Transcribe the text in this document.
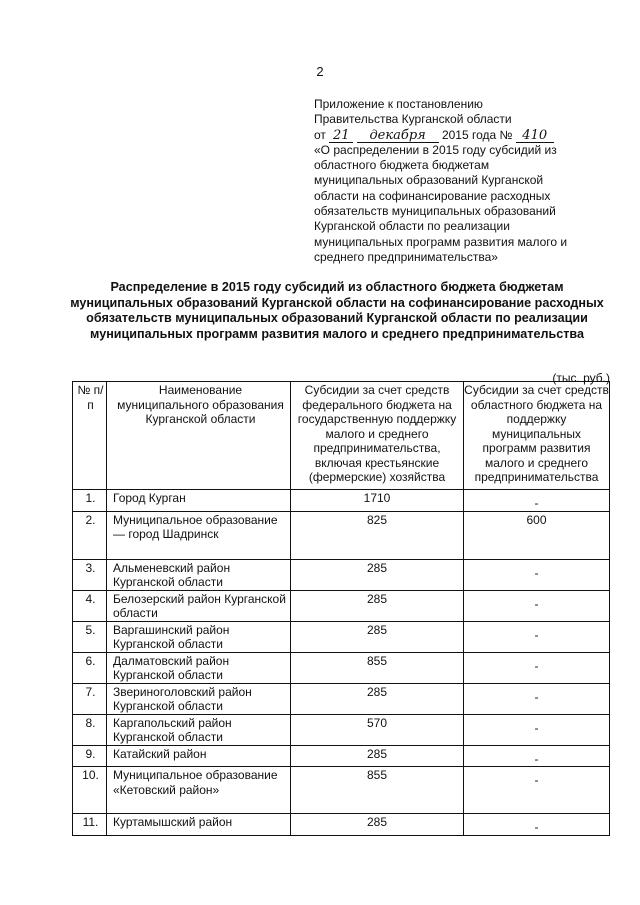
2
Приложение к постановлению
Правительства Курганской области
от 21 декабря 2015 года № 410
«О распределении в 2015 году субсидий из
областного бюджета бюджетам
муниципальных образований Курганской
области на софинансирование расходных
обязательств муниципальных образований
Курганской области по реализации
муниципальных программ развития малого и
среднего предпринимательства»
Распределение в 2015 году субсидий из областного бюджета бюджетам муниципальных образований Курганской области на софинансирование расходных обязательств муниципальных образований Курганской области по реализации муниципальных программ развития малого и среднего предпринимательства
(тыс. руб.)
№ п/п	Наименование муниципального образования Курганской области	Субсидии за счет средств федерального бюджета на государственную поддержку малого и среднего предпринимательства, включая крестьянские (фермерские) хозяйства	Субсидии за счет средств областного бюджета на поддержку муниципальных программ развития малого и среднего предпринимательства
1.	Город Курган	1710	-
2.	Муниципальное образование — город Шадринск	825	600
3.	Альменевский район Курганской области	285	-
4.	Белозерский район Курганской области	285	-
5.	Варгашинский район Курганской области	285	-
6.	Далматовский район Курганской области	855	-
7.	Звериноголовский район Курганской области	285	-
8.	Каргапольский район Курганской области	570	-
9.	Катайский район	285	-
10.	Муниципальное образование «Кетовский район»	855	-
11.	Куртамышский район	285	-
